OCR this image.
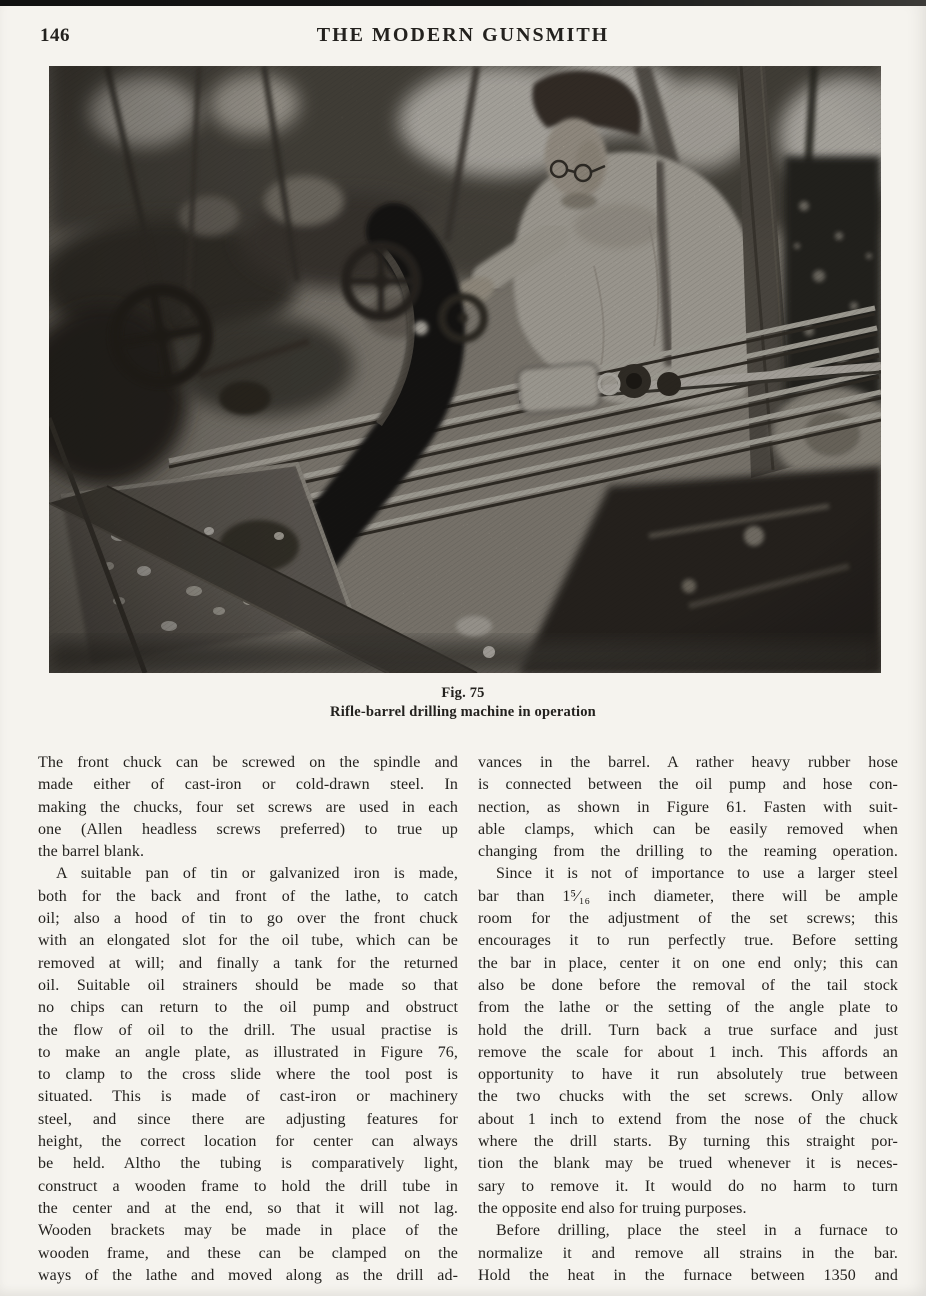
146	THE MODERN GUNSMITH
Fig. 75
Rifle-barrel drilling machine in operation

The front chuck can be screwed on the spindle and
made either of cast-iron or cold-drawn steel. In
making the chucks, four set screws are used in each
one (Allen headless screws preferred) to true up
the barrel blank.

A suitable pan of tin or galvanized iron is made,
both for the back and front of the lathe, to catch
oil; also a hood of tin to go over the front chuck
with an elongated slot for the oil tube, which can be
removed at will; and finally a tank for the returned
oil. Suitable oil strainers should be made so that
no chips can return to the oil pump and obstruct
the flow of oil to the drill. The usual practise is
to make an angle plate, as illustrated in Figure 76,
to clamp to the cross slide where the tool post is
situated. This is made of cast-iron or machinery
steel, and since there are adjusting features for
height, the correct location for center can always
be held. Altho the tubing is comparatively light,
construct a wooden frame to hold the drill tube in
the center and at the end, so that it will not lag.
Wooden brackets may be made in place of the
wooden frame, and these can be clamped on the
ways of the lathe and moved along as the drill ad-

vances in the barrel. A rather heavy rubber hose
is connected between the oil pump and hose con-
nection, as shown in Figure 61. Fasten with suit-
able clamps, which can be easily removed when
changing from the drilling to the reaming operation.

Since it is not of importance to use a larger steel
bar than 1⁵⁄₁₆ inch diameter, there will be ample
room for the adjustment of the set screws; this
encourages it to run perfectly true. Before setting
the bar in place, center it on one end only; this can
also be done before the removal of the tail stock
from the lathe or the setting of the angle plate to
hold the drill. Turn back a true surface and just
remove the scale for about 1 inch. This affords an
opportunity to have it run absolutely true between
the two chucks with the set screws. Only allow
about 1 inch to extend from the nose of the chuck
where the drill starts. By turning this straight por-
tion the blank may be trued whenever it is neces-
sary to remove it. It would do no harm to turn
the opposite end also for truing purposes.

Before drilling, place the steel in a furnace to
normalize it and remove all strains in the bar.
Hold the heat in the furnace between 1350 and
